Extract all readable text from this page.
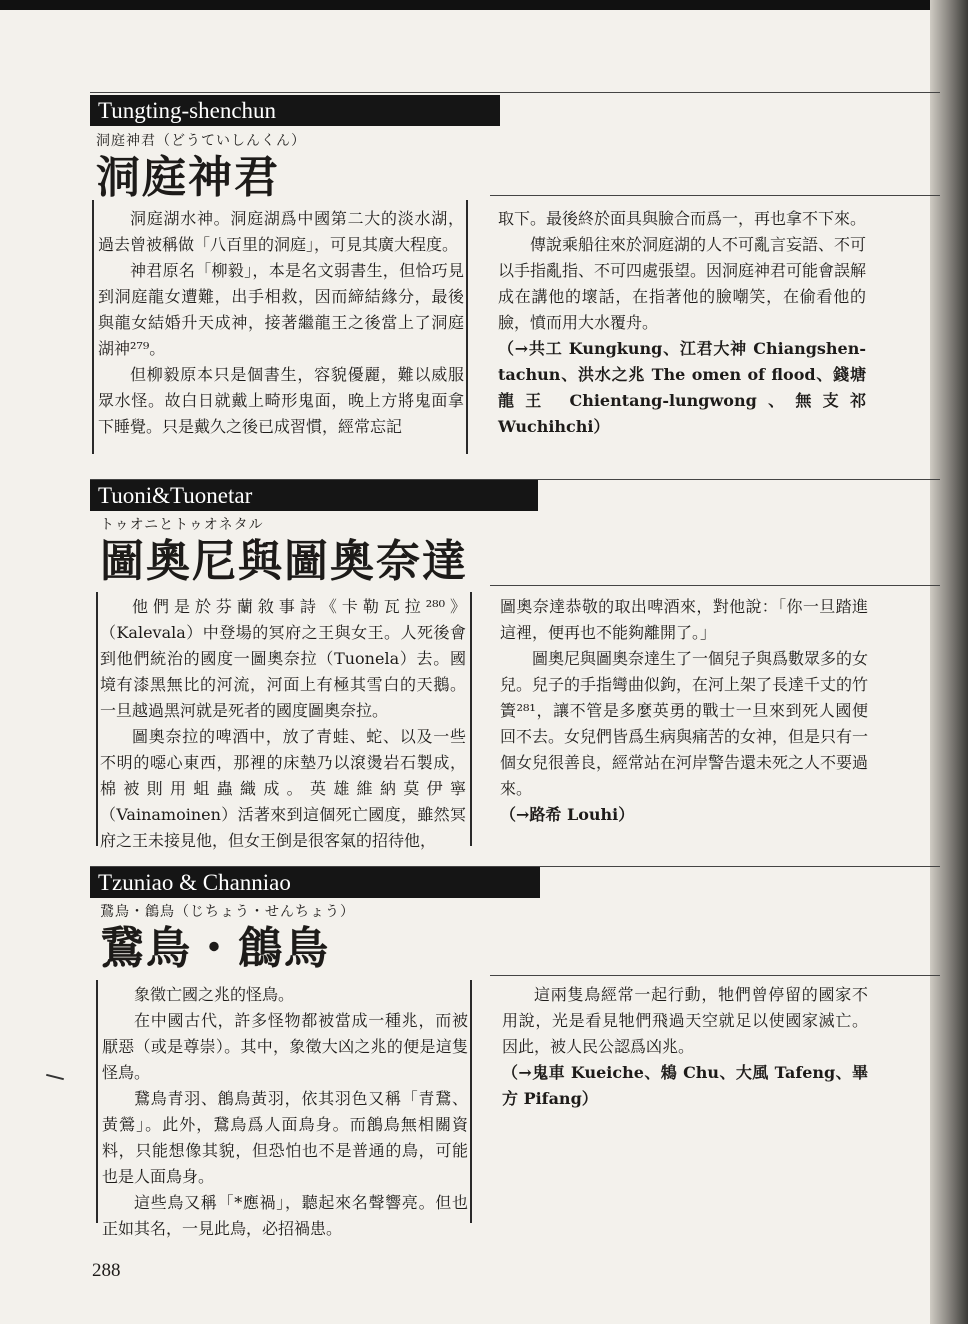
Tungting-shenchun
洞庭神君（どうていしんくん）
洞庭神君

洞庭湖水神。洞庭湖爲中國第二大的淡水湖，過去曾被稱做「八百里的洞庭」，可見其廣大程度。

神君原名「柳毅」，本是名文弱書生，但恰巧見到洞庭龍女遭難，出手相救，因而締結緣分，最後與龍女結婚升天成神，接著繼龍王之後當上了洞庭湖神²⁷⁹。

但柳毅原本只是個書生，容貌優麗，難以威服眾水怪。故白日就戴上畸形鬼面，晚上方將鬼面拿下睡覺。只是戴久之後已成習慣，經常忘記

取下。最後終於面具與臉合而爲一，再也拿不下來。

傳說乘船往來於洞庭湖的人不可亂言妄語、不可以手指亂指、不可四處張望。因洞庭神君可能會誤解成在講他的壞話，在指著他的臉嘲笑，在偷看他的臉，憤而用大水覆舟。

（→共工 Kungkung、江君大神 Chiangshen-tachun、洪水之兆 The omen of flood、錢塘龍王 Chientang-lungwong、無支祁 Wuchihchi）

Tuoni&Tuonetar
トゥオニとトゥオネタル
圖奧尼與圖奧奈達

他們是於芬蘭敘事詩《卡勒瓦拉²⁸⁰》（Kalevala）中登場的冥府之王與女王。人死後會到他們統治的國度一圖奧奈拉（Tuonela）去。國境有漆黑無比的河流，河面上有極其雪白的天鵝。一旦越過黑河就是死者的國度圖奧奈拉。

圖奧奈拉的啤酒中，放了青蛙、蛇、以及一些不明的噁心東西，那裡的床墊乃以滾燙岩石製成，棉被則用蛆蟲織成。英雄維納莫伊寧（Vainamoinen）活著來到這個死亡國度，雖然冥府之王未接見他，但女王倒是很客氣的招待他，

圖奧奈達恭敬的取出啤酒來，對他說：「你一旦踏進這裡，便再也不能夠離開了。」

圖奧尼與圖奧奈達生了一個兒子與爲數眾多的女兒。兒子的手指彎曲似鉤，在河上架了長達千丈的竹簀²⁸¹，讓不管是多麼英勇的戰士一旦來到死人國便回不去。女兒們皆爲生病與痛苦的女神，但是只有一個女兒很善良，經常站在河岸警告還未死之人不要過來。

（→路希 Louhi）

Tzuniao & Channiao
鵞鳥・鶬鳥（じちょう・せんちょう）
鵞鳥・鶬鳥

象徵亡國之兆的怪鳥。

在中國古代，許多怪物都被當成一種兆，而被厭惡（或是尊崇）。其中，象徵大凶之兆的便是這隻怪鳥。

鵞鳥青羽、鶬鳥黃羽，依其羽色又稱「青鵞、黃鶯」。此外，鵞鳥爲人面鳥身。而鶬鳥無相關資料，只能想像其貌，但恐怕也不是普通的鳥，可能也是人面鳥身。

這些鳥又稱「*應禍」，聽起來名聲響亮。但也正如其名，一見此鳥，必招禍患。

這兩隻鳥經常一起行動，牠們曾停留的國家不用說，光是看見牠們飛過天空就足以使國家滅亡。因此，被人民公認爲凶兆。

（→鬼車 Kueiche、鴸 Chu、大風 Tafeng、畢方 Pifang）

288
